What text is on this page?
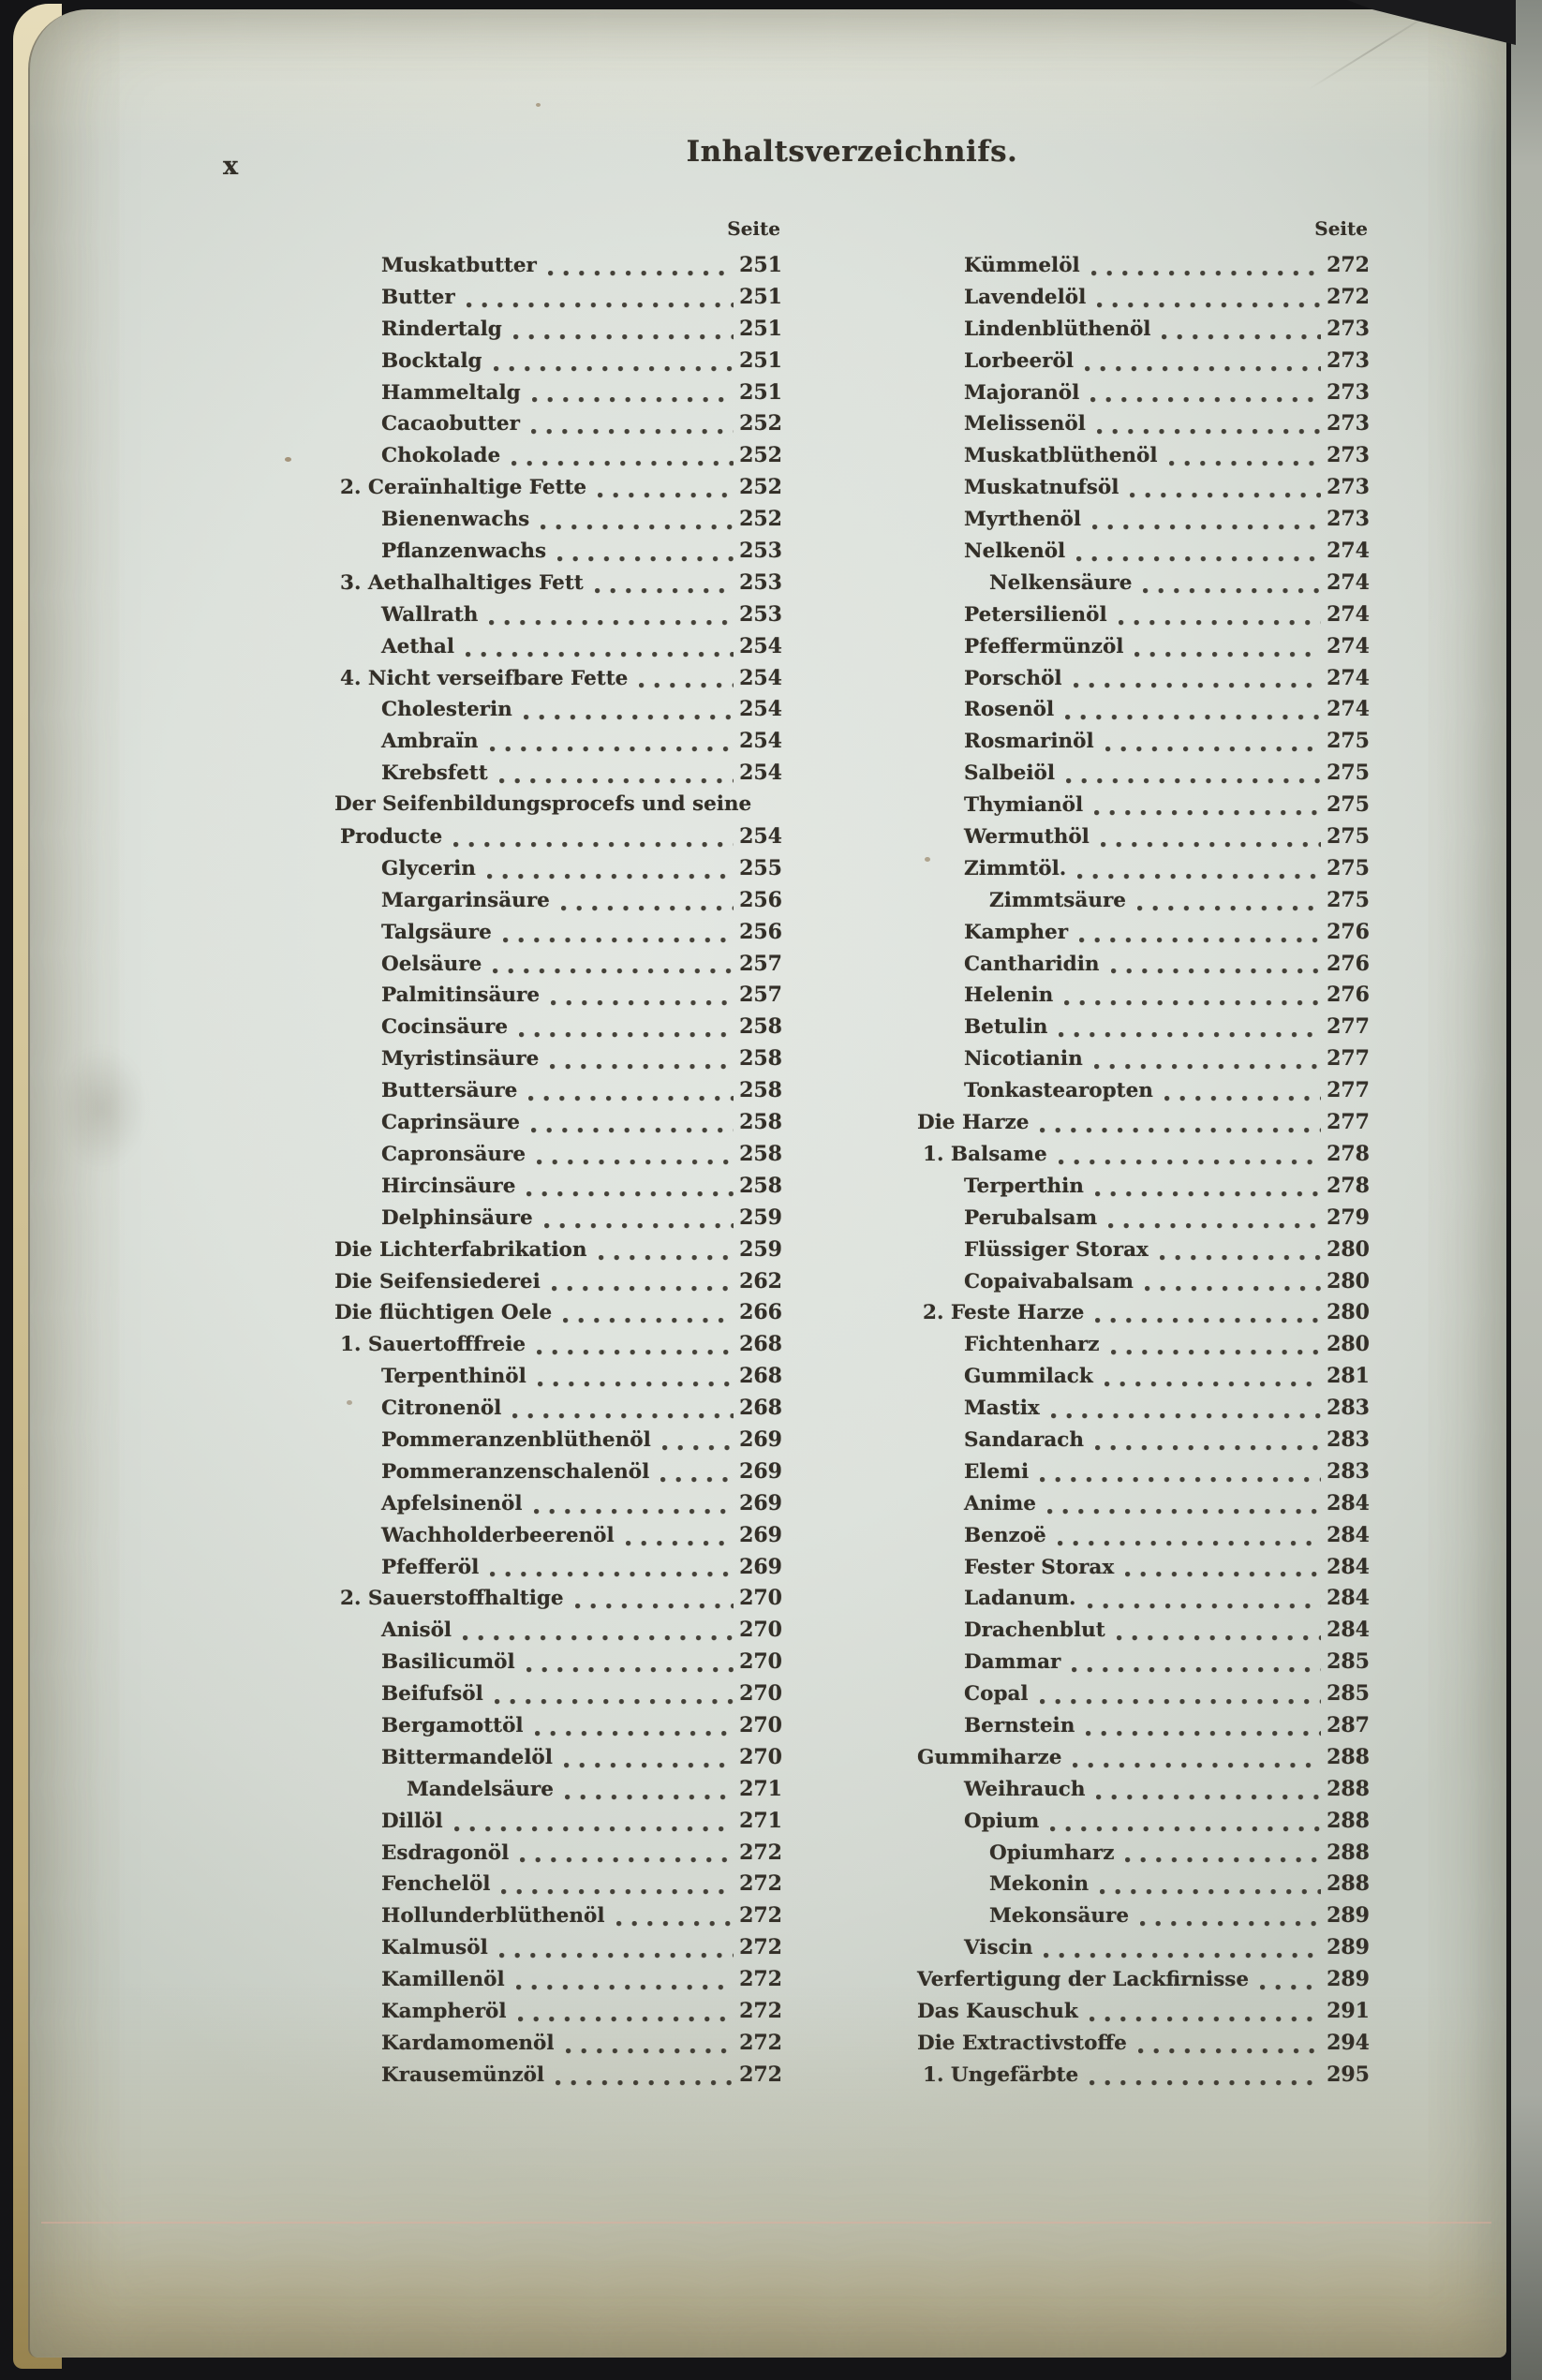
x	Inhaltsverzeichnifs.
Seite
Muskatbutter	251
Butter	251
Rindertalg	251
Bocktalg	251
Hammeltalg	251
Cacaobutter	252
Chokolade	252
2. Ceraïnhaltige Fette	252
Bienenwachs	252
Pflanzenwachs	253
3. Aethalhaltiges Fett	253
Wallrath	253
Aethal	254
4. Nicht verseifbare Fette	254
Cholesterin	254
Ambraïn	254
Krebsfett	254
Der Seifenbildungsprocefs und seine
Producte	254
Glycerin	255
Margarinsäure	256
Talgsäure	256
Oelsäure	257
Palmitinsäure	257
Cocinsäure	258
Myristinsäure	258
Buttersäure	258
Caprinsäure	258
Capronsäure	258
Hircinsäure	258
Delphinsäure	259
Die Lichterfabrikation	259
Die Seifensiederei	262
Die flüchtigen Oele	266
1. Sauertofffreie	268
Terpenthinöl	268
Citronenöl	268
Pommeranzenblüthenöl	269
Pommeranzenschalenöl	269
Apfelsinenöl	269
Wachholderbeerenöl	269
Pfefferöl	269
2. Sauerstoffhaltige	270
Anisöl	270
Basilicumöl	270
Beifufsöl	270
Bergamottöl	270
Bittermandelöl	270
Mandelsäure	271
Dillöl	271
Esdragonöl	272
Fenchelöl	272
Hollunderblüthenöl	272
Kalmusöl	272
Kamillenöl	272
Kampheröl	272
Kardamomenöl	272
Krausemünzöl	272
Seite
Kümmelöl	272
Lavendelöl	272
Lindenblüthenöl	273
Lorbeeröl	273
Majoranöl	273
Melissenöl	273
Muskatblüthenöl	273
Muskatnufsöl	273
Myrthenöl	273
Nelkenöl	274
Nelkensäure	274
Petersilienöl	274
Pfeffermünzöl	274
Porschöl	274
Rosenöl	274
Rosmarinöl	275
Salbeiöl	275
Thymianöl	275
Wermuthöl	275
Zimmtöl.	275
Zimmtsäure	275
Kampher	276
Cantharidin	276
Helenin	276
Betulin	277
Nicotianin	277
Tonkastearopten	277
Die Harze	277
1. Balsame	278
Terperthin	278
Perubalsam	279
Flüssiger Storax	280
Copaivabalsam	280
2. Feste Harze	280
Fichtenharz	280
Gummilack	281
Mastix	283
Sandarach	283
Elemi	283
Anime	284
Benzoë	284
Fester Storax	284
Ladanum.	284
Drachenblut	284
Dammar	285
Copal	285
Bernstein	287
Gummiharze	288
Weihrauch	288
Opium	288
Opiumharz	288
Mekonin	288
Mekonsäure	289
Viscin	289
Verfertigung der Lackfirnisse	289
Das Kauschuk	291
Die Extractivstoffe	294
1. Ungefärbte	295
